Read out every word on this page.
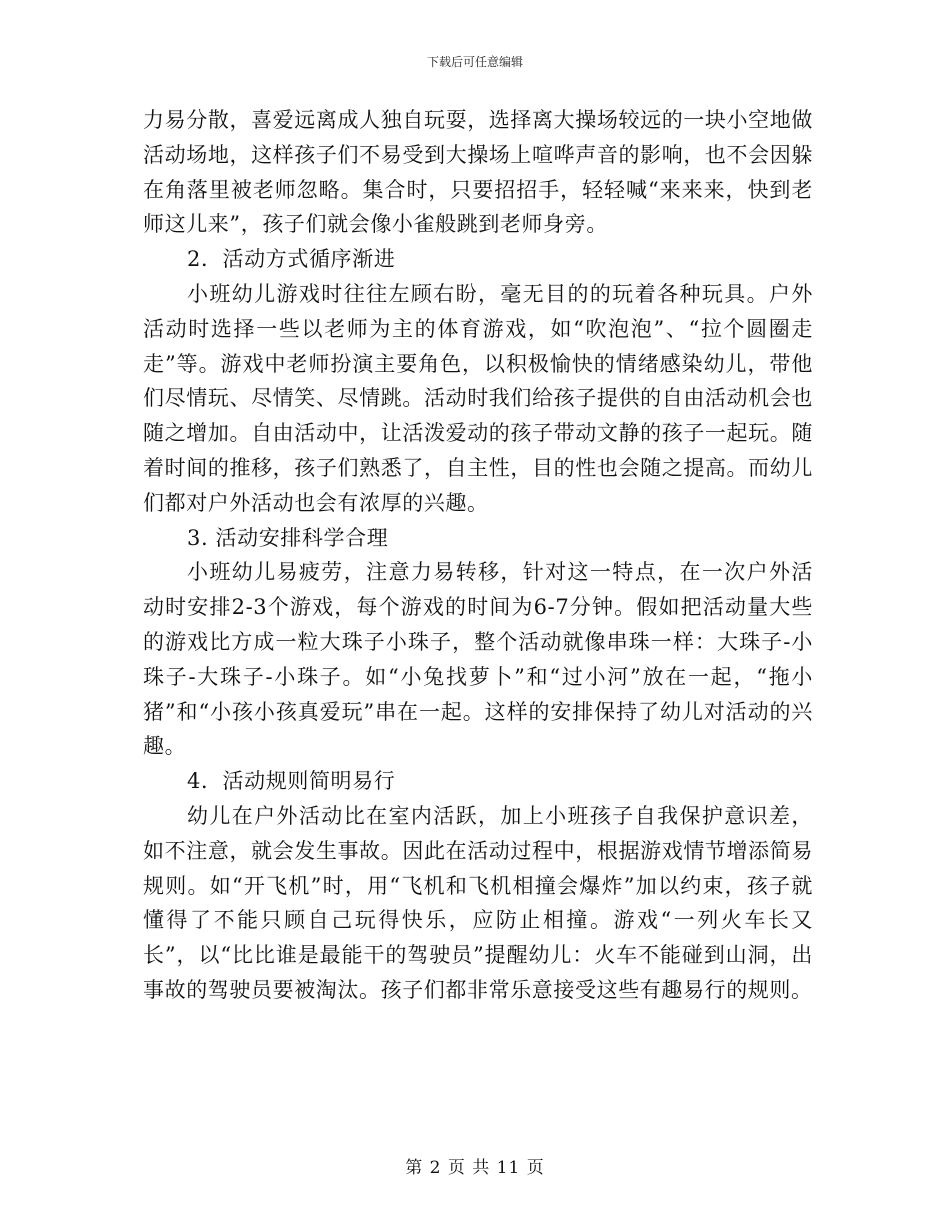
下载后可任意编辑

力易分散，喜爱远离成人独自玩耍，选择离大操场较远的一块小空地做活动场地，这样孩子们不易受到大操场上喧哗声音的影响，也不会因躲在角落里被老师忽略。集合时，只要招招手，轻轻喊“来来来，快到老师这儿来”，孩子们就会像小雀般跳到老师身旁。

2．活动方式循序渐进

小班幼儿游戏时往往左顾右盼，毫无目的的玩着各种玩具。户外活动时选择一些以老师为主的体育游戏，如“吹泡泡”、“拉个圆圈走走”等。游戏中老师扮演主要角色，以积极愉快的情绪感染幼儿，带他们尽情玩、尽情笑、尽情跳。活动时我们给孩子提供的自由活动机会也随之增加。自由活动中，让活泼爱动的孩子带动文静的孩子一起玩。随着时间的推移，孩子们熟悉了，自主性，目的性也会随之提高。而幼儿们都对户外活动也会有浓厚的兴趣。

3. 活动安排科学合理

小班幼儿易疲劳，注意力易转移，针对这一特点，在一次户外活动时安排2-3个游戏，每个游戏的时间为6-7分钟。假如把活动量大些的游戏比方成一粒大珠子小珠子，整个活动就像串珠一样：大珠子-小珠子-大珠子-小珠子。如“小兔找萝卜”和“过小河”放在一起，“拖小猪”和“小孩小孩真爱玩”串在一起。这样的安排保持了幼儿对活动的兴趣。

4．活动规则简明易行

幼儿在户外活动比在室内活跃，加上小班孩子自我保护意识差，如不注意，就会发生事故。因此在活动过程中，根据游戏情节增添简易规则。如“开飞机”时，用“飞机和飞机相撞会爆炸”加以约束，孩子就懂得了不能只顾自己玩得快乐，应防止相撞。游戏“一列火车长又长”，以“比比谁是最能干的驾驶员”提醒幼儿：火车不能碰到山洞，出事故的驾驶员要被淘汰。孩子们都非常乐意接受这些有趣易行的规则。

第 2 页 共 11 页
